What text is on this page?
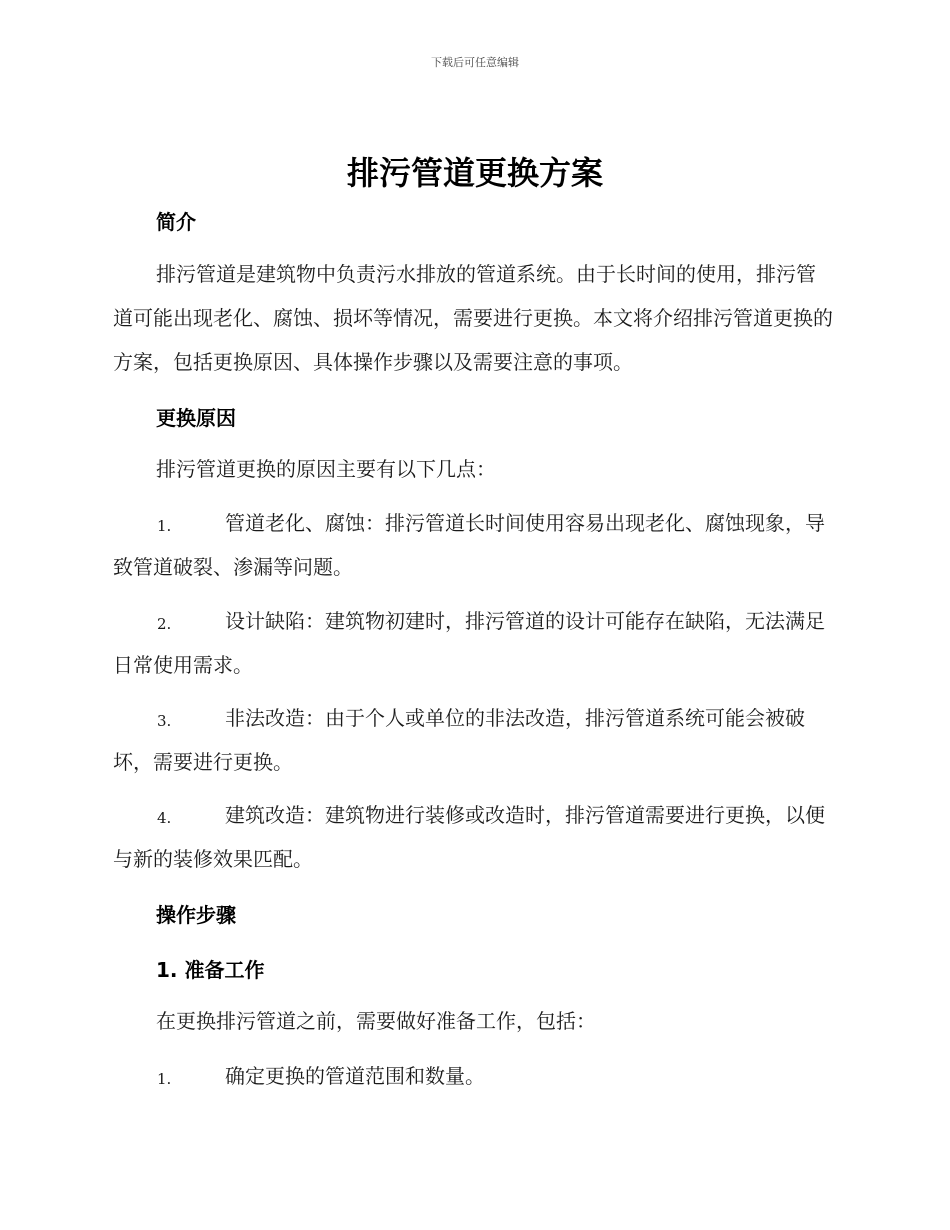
下载后可任意编辑
排污管道更换方案
简介
排污管道是建筑物中负责污水排放的管道系统。由于长时间的使用，排污管道可能出现老化、腐蚀、损坏等情况，需要进行更换。本文将介绍排污管道更换的方案，包括更换原因、具体操作步骤以及需要注意的事项。
更换原因
排污管道更换的原因主要有以下几点：
1.	管道老化、腐蚀：排污管道长时间使用容易出现老化、腐蚀现象，导致管道破裂、渗漏等问题。
2.	设计缺陷：建筑物初建时，排污管道的设计可能存在缺陷，无法满足日常使用需求。
3.	非法改造：由于个人或单位的非法改造，排污管道系统可能会被破坏，需要进行更换。
4.	建筑改造：建筑物进行装修或改造时，排污管道需要进行更换，以便与新的装修效果匹配。
操作步骤
1. 准备工作
在更换排污管道之前，需要做好准备工作，包括：
1.	确定更换的管道范围和数量。
